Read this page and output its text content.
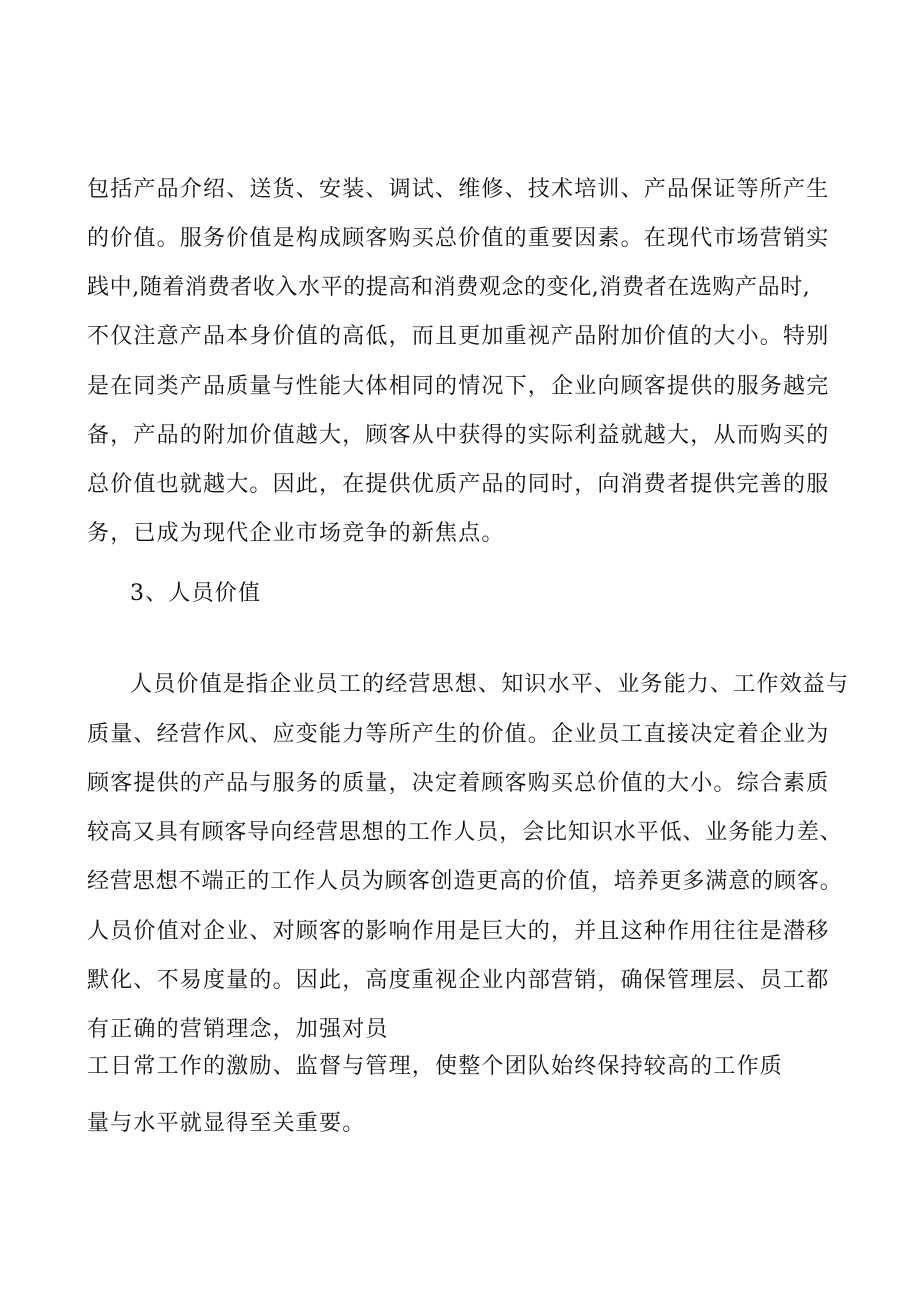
包括产品介绍、送货、安装、调试、维修、技术培训、产品保证等所产生
的价值。服务价值是构成顾客购买总价值的重要因素。在现代市场营销实
践中,随着消费者收入水平的提高和消费观念的变化,消费者在选购产品时,
不仅注意产品本身价值的高低，而且更加重视产品附加价值的大小。特别
是在同类产品质量与性能大体相同的情况下，企业向顾客提供的服务越完
备，产品的附加价值越大，顾客从中获得的实际利益就越大，从而购买的
总价值也就越大。因此，在提供优质产品的同时，向消费者提供完善的服
务，已成为现代企业市场竞争的新焦点。
3、人员价值
人员价值是指企业员工的经营思想、知识水平、业务能力、工作效益与
质量、经营作风、应变能力等所产生的价值。企业员工直接决定着企业为
顾客提供的产品与服务的质量，决定着顾客购买总价值的大小。综合素质
较高又具有顾客导向经营思想的工作人员，会比知识水平低、业务能力差、
经营思想不端正的工作人员为顾客创造更高的价值，培养更多满意的顾客。
人员价值对企业、对顾客的影响作用是巨大的，并且这种作用往往是潜移
默化、不易度量的。因此，高度重视企业内部营销，确保管理层、员工都
有正确的营销理念，加强对员
工日常工作的激励、监督与管理，使整个团队始终保持较高的工作质
量与水平就显得至关重要。
